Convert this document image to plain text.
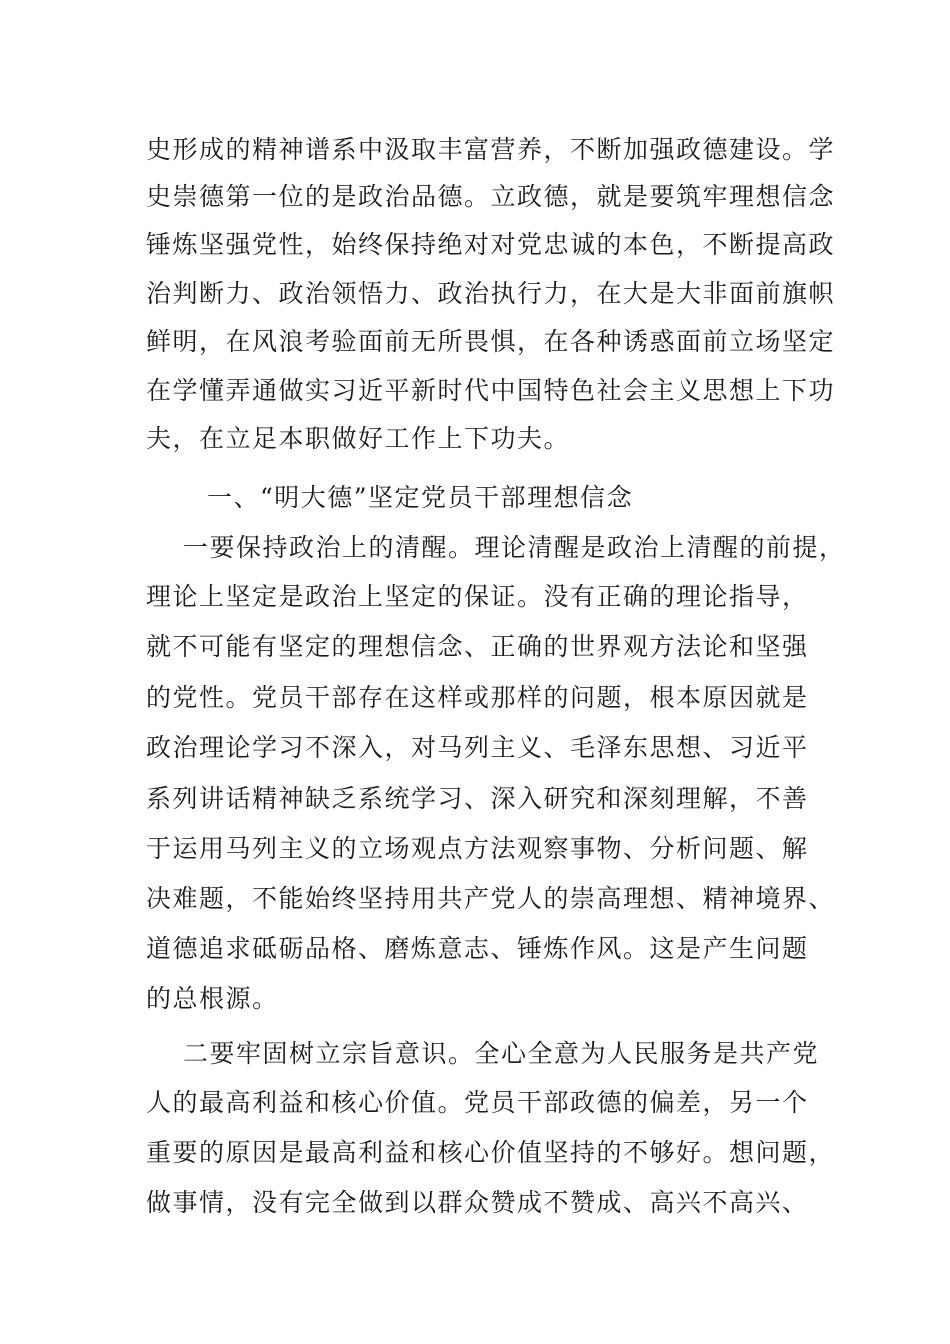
史形成的精神谱系中汲取丰富营养，不断加强政德建设。学
史崇德第一位的是政治品德。立政德，就是要筑牢理想信念
锤炼坚强党性，始终保持绝对对党忠诚的本色，不断提高政
治判断力、政治领悟力、政治执行力，在大是大非面前旗帜
鲜明，在风浪考验面前无所畏惧，在各种诱惑面前立场坚定
在学懂弄通做实习近平新时代中国特色社会主义思想上下功
夫，在立足本职做好工作上下功夫。
一、“明大德”坚定党员干部理想信念
一要保持政治上的清醒。理论清醒是政治上清醒的前提，
理论上坚定是政治上坚定的保证。没有正确的理论指导，
就不可能有坚定的理想信念、正确的世界观方法论和坚强
的党性。党员干部存在这样或那样的问题，根本原因就是
政治理论学习不深入，对马列主义、毛泽东思想、习近平
系列讲话精神缺乏系统学习、深入研究和深刻理解，不善
于运用马列主义的立场观点方法观察事物、分析问题、解
决难题，不能始终坚持用共产党人的崇高理想、精神境界、
道德追求砥砺品格、磨炼意志、锤炼作风。这是产生问题
的总根源。
二要牢固树立宗旨意识。全心全意为人民服务是共产党
人的最高利益和核心价值。党员干部政德的偏差，另一个
重要的原因是最高利益和核心价值坚持的不够好。想问题，
做事情，没有完全做到以群众赞成不赞成、高兴不高兴、
